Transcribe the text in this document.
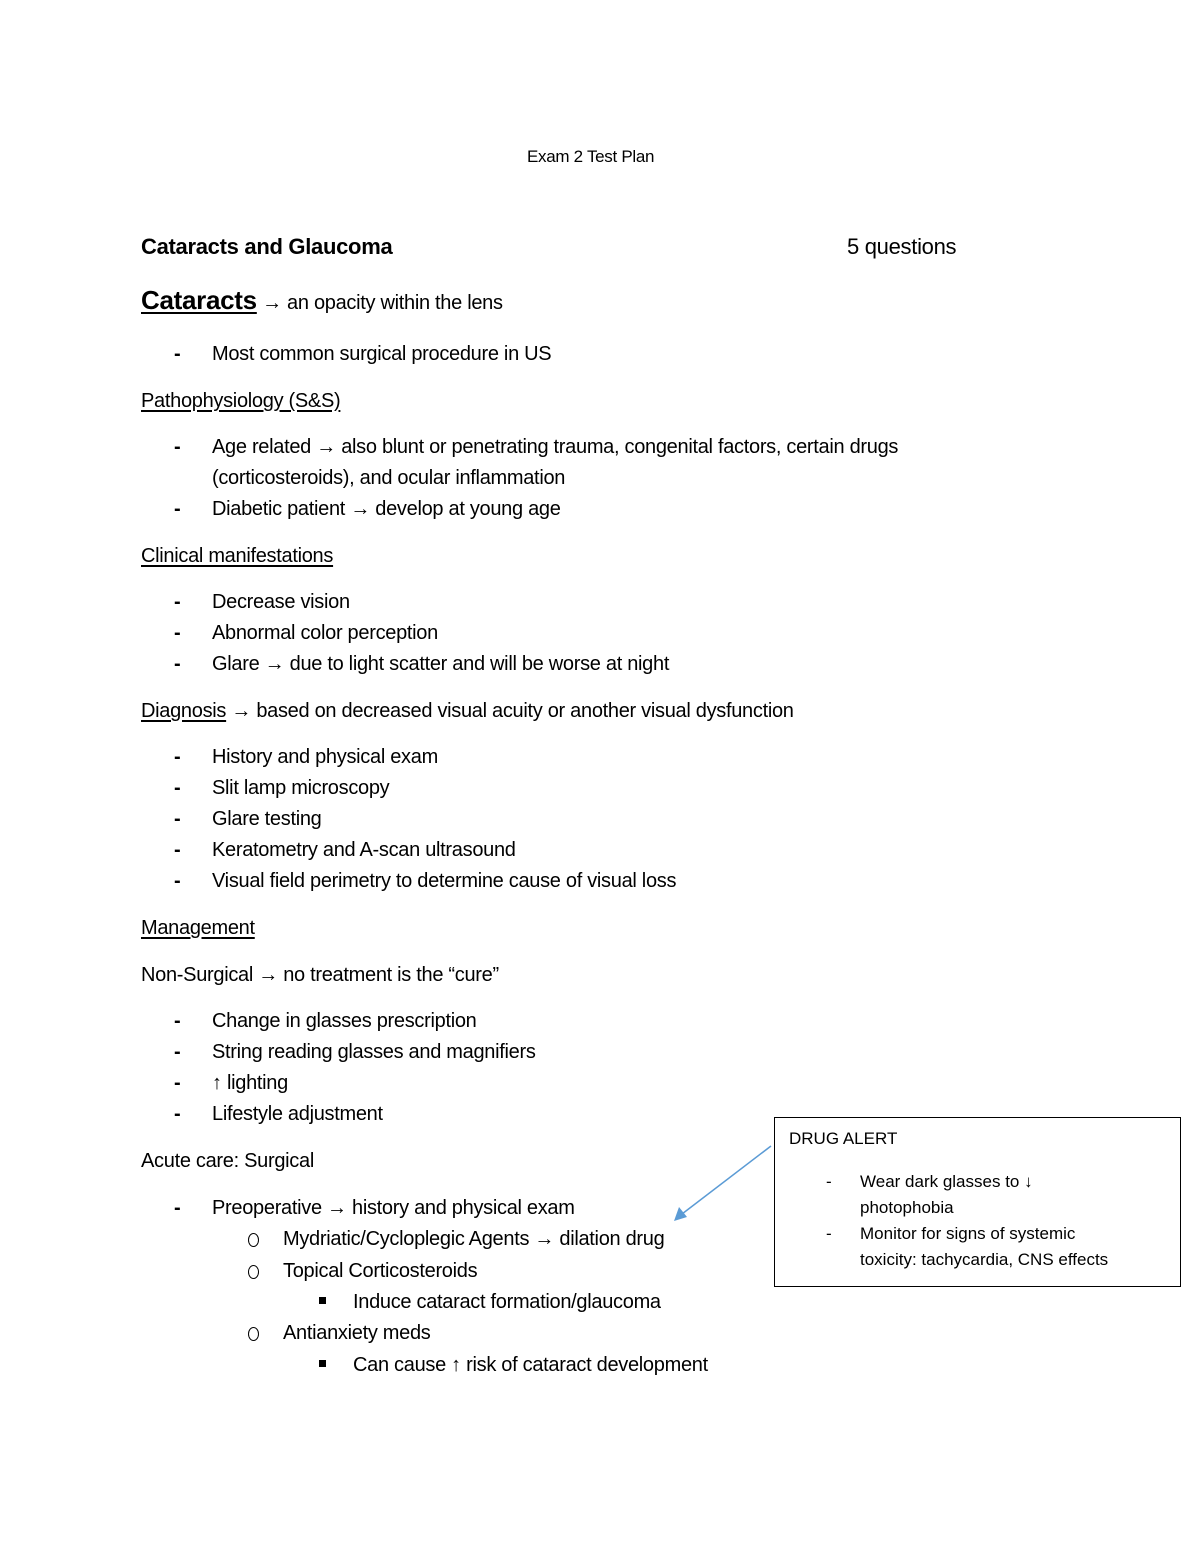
Exam 2 Test Plan
Cataracts and Glaucoma	5 questions
Cataracts → an opacity within the lens
- Most common surgical procedure in US
Pathophysiology (S&S)
- Age related → also blunt or penetrating trauma, congenital factors, certain drugs
(corticosteroids), and ocular inflammation
- Diabetic patient → develop at young age
Clinical manifestations
- Decrease vision
- Abnormal color perception
- Glare → due to light scatter and will be worse at night
Diagnosis → based on decreased visual acuity or another visual dysfunction
- History and physical exam
- Slit lamp microscopy
- Glare testing
- Keratometry and A-scan ultrasound
- Visual field perimetry to determine cause of visual loss
Management
Non-Surgical → no treatment is the “cure”
- Change in glasses prescription
- String reading glasses and magnifiers
- ↑ lighting
- Lifestyle adjustment
Acute care: Surgical
- Preoperative → history and physical exam
Mydriatic/Cycloplegic Agents → dilation drug
Topical Corticosteroids
Induce cataract formation/glaucoma
Antianxiety meds
Can cause ↑ risk of cataract development
DRUG ALERT
- Wear dark glasses to ↓
photophobia
- Monitor for signs of systemic
toxicity: tachycardia, CNS effects
